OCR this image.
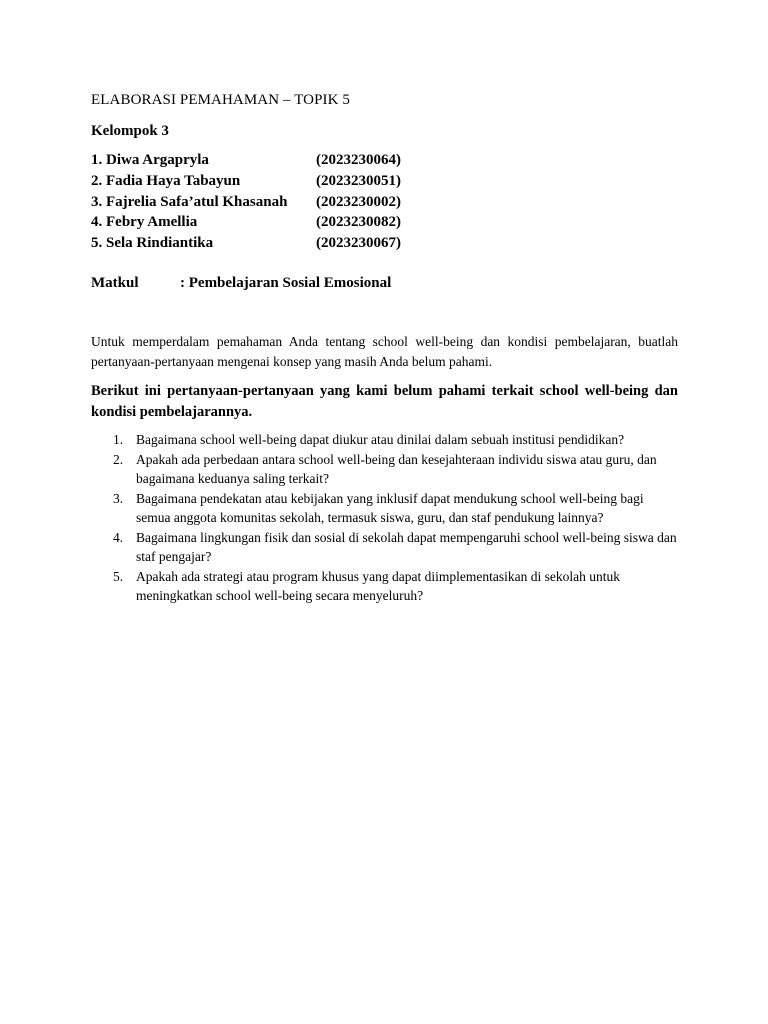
ELABORASI PEMAHAMAN – TOPIK 5
Kelompok 3
1. Diwa Argapryla	(2023230064)
2. Fadia Haya Tabayun	(2023230051)
3. Fajrelia Safa’atul Khasanah (2023230002)
4. Febry Amellia	(2023230082)
5. Sela Rindiantika	(2023230067)
Matkul	: Pembelajaran Sosial Emosional

Untuk memperdalam pemahaman Anda tentang school well-being dan kondisi pembelajaran, buatlah pertanyaan-pertanyaan mengenai konsep yang masih Anda belum pahami.

Berikut ini pertanyaan-pertanyaan yang kami belum pahami terkait school well-being dan kondisi pembelajarannya.

1. Bagaimana school well-being dapat diukur atau dinilai dalam sebuah institusi pendidikan?
2. Apakah ada perbedaan antara school well-being dan kesejahteraan individu siswa atau guru, dan bagaimana keduanya saling terkait?
3. Bagaimana pendekatan atau kebijakan yang inklusif dapat mendukung school well-being bagi semua anggota komunitas sekolah, termasuk siswa, guru, dan staf pendukung lainnya?
4. Bagaimana lingkungan fisik dan sosial di sekolah dapat mempengaruhi school well-being siswa dan staf pengajar?
5. Apakah ada strategi atau program khusus yang dapat diimplementasikan di sekolah untuk meningkatkan school well-being secara menyeluruh?
